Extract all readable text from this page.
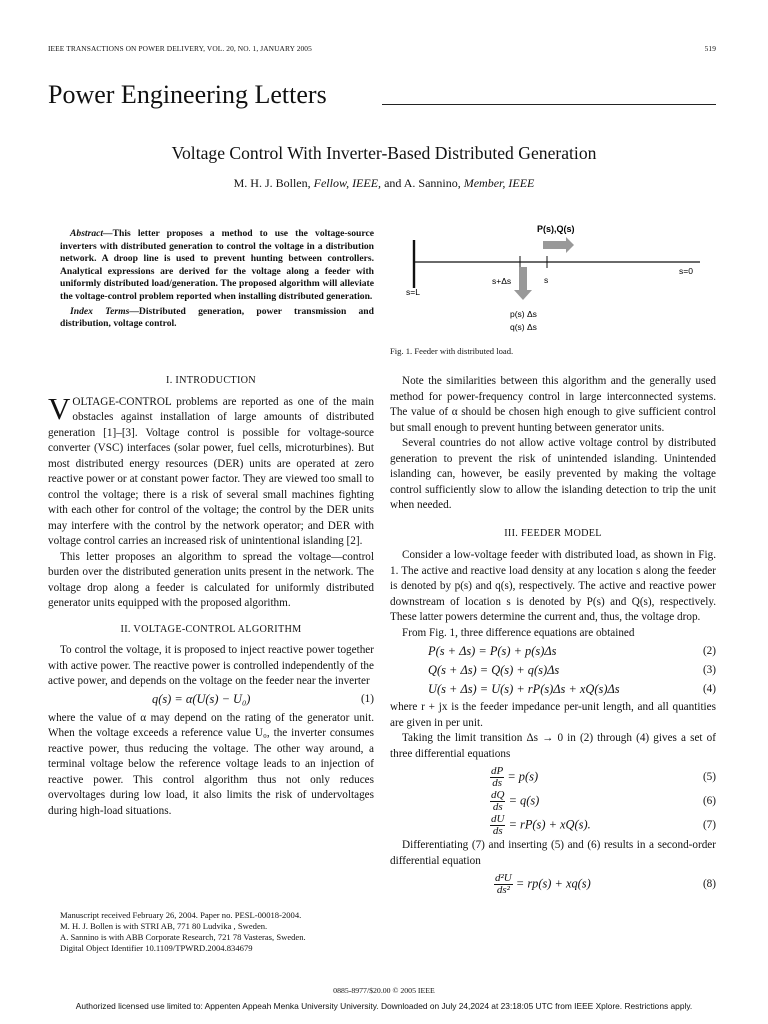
IEEE TRANSACTIONS ON POWER DELIVERY, VOL. 20, NO. 1, JANUARY 2005	519
Power Engineering Letters
Voltage Control With Inverter-Based Distributed Generation
M. H. J. Bollen, Fellow, IEEE, and A. Sannino, Member, IEEE
Abstract—This letter proposes a method to use the voltage-source inverters with distributed generation to control the voltage in a distribution network. A droop line is used to prevent hunting between controllers. Analytical expressions are derived for the voltage along a feeder with uniformly distributed load/generation. The proposed algorithm will alleviate the voltage-control problem reported when installing distributed generation.
Index Terms—Distributed generation, power transmission and distribution, voltage control.
P(s),Q(s)
s=L
s=0
s+Δs	s
p(s) Δs
q(s) Δs
Fig. 1. Feeder with distributed load.
I. INTRODUCTION

VOLTAGE-CONTROL problems are reported as one of the main obstacles against installation of large amounts of distributed generation [1]–[3]. Voltage control is possible for voltage-source converter (VSC) interfaces (solar power, fuel cells, microturbines). But most distributed energy resources (DER) units are operated at zero reactive power or at constant power factor. They are viewed too small to control the voltage; there is a risk of several small machines fighting with each other for control of the voltage; the control by the DER units may interfere with the control by the network operator; and DER with voltage control carries an increased risk of unintentional islanding [2].

This letter proposes an algorithm to spread the voltage—control burden over the distributed generation units present in the network. The voltage drop along a feeder is calculated for uniformly distributed generator units equipped with the proposed algorithm.

II. VOLTAGE-CONTROL ALGORITHM

To control the voltage, it is proposed to inject reactive power together with active power. The reactive power is controlled independently of the active power, and depends on the voltage on the feeder near the inverter

q(s) = α(U(s) − U₀)	(1)

where the value of α may depend on the rating of the generator unit. When the voltage exceeds a reference value U₀, the inverter consumes reactive power, thus reducing the voltage. The other way around, a terminal voltage below the reference voltage leads to an injection of reactive power. This control algorithm thus not only reduces overvoltages during low load, it also limits the risk of undervoltages during high-load situations.

Manuscript received February 26, 2004. Paper no. PESL-00018-2004.
M. H. J. Bollen is with STRI AB, 771 80 Ludvika , Sweden.
A. Sannino is with ABB Corporate Research, 721 78 Vasteras, Sweden.
Digital Object Identifier 10.1109/TPWRD.2004.834679

Note the similarities between this algorithm and the generally used method for power-frequency control in large interconnected systems. The value of α should be chosen high enough to give sufficient control but small enough to prevent hunting between generator units.

Several countries do not allow active voltage control by distributed generation to prevent the risk of unintended islanding. Unintended islanding can, however, be easily prevented by making the voltage control sufficiently slow to allow the islanding detection to trip the unit when needed.

III. FEEDER MODEL

Consider a low-voltage feeder with distributed load, as shown in Fig. 1. The active and reactive load density at any location s along the feeder is denoted by p(s) and q(s), respectively. The active and reactive power downstream of location s is denoted by P(s) and Q(s), respectively. These latter powers determine the current and, thus, the voltage drop.

From Fig. 1, three difference equations are obtained

P(s + Δs) = P(s) + p(s)Δs	(2)
Q(s + Δs) = Q(s) + q(s)Δs	(3)
U(s + Δs) = U(s) + rP(s)Δs + xQ(s)Δs	(4)

where r + jx is the feeder impedance per-unit length, and all quantities are given in per unit.

Taking the limit transition Δs → 0 in (2) through (4) gives a set of three differential equations

$\frac{dP}{ds} = p(s)$	(5)
$\frac{dQ}{ds} = q(s)$	(6)
$\frac{dU}{ds} = rP(s) + xQ(s)$.	(7)

Differentiating (7) and inserting (5) and (6) results in a second-order differential equation

$\frac{\text{d²U}}{\text{ds²}} = rp(s) + xq(s)$	(8)
0885-8977/$20.00 © 2005 IEEE
Authorized licensed use limited to: Appenten Appeah Menka University University. Downloaded on July 24,2024 at 23:18:05 UTC from IEEE Xplore. Restrictions apply.
